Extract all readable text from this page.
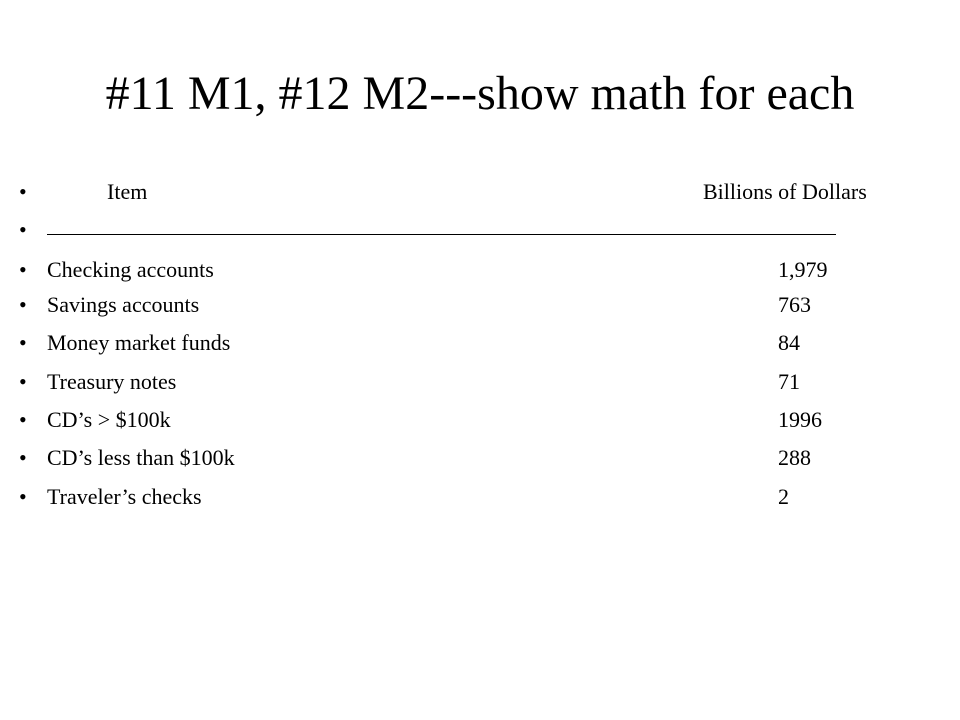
#11 M1, #12 M2---show math for each
•	Item	Billions of Dollars
•
• Checking accounts	1,979
• Savings accounts	763
• Money market funds	84
• Treasury notes	71
• CD’s > $100k	1996
• CD’s less than $100k	288
• Traveler’s checks	2
